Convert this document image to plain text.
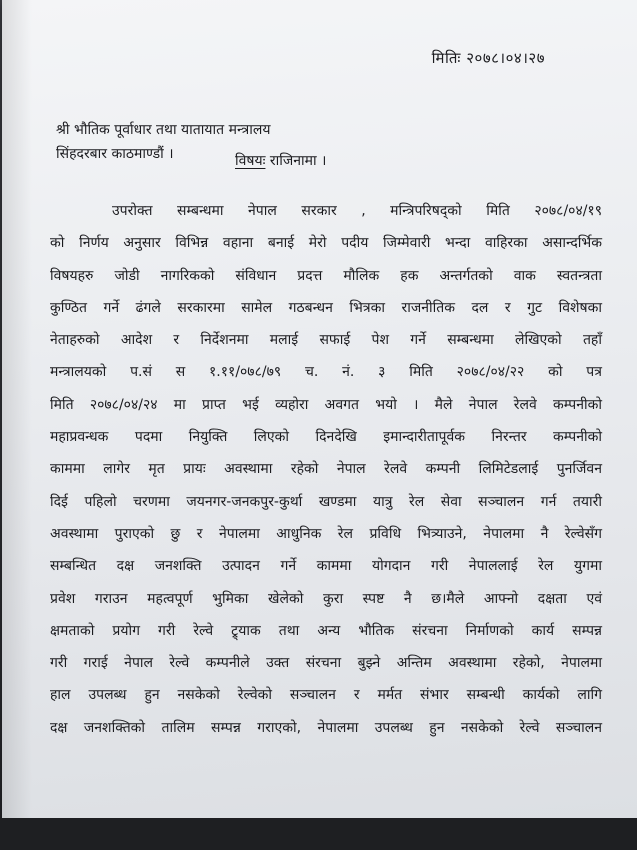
मितिः २०७८।०४।२७
श्री भौतिक पूर्वाधार तथा यातायात मन्त्रालय
सिंहदरबार काठमाण्डौं ।	विषयः राजिनामा ।
उपरोक्त सम्बन्धमा नेपाल सरकार , मन्त्रिपरिषद्को मिति २०७८/०४/१९
को निर्णय अनुसार विभिन्न वहाना बनाई मेरो पदीय जिम्मेवारी भन्दा वाहिरका असान्दर्भिक
विषयहरु जोडी नागरिकको संविधान प्रदत्त मौलिक हक अन्तर्गतको वाक स्वतन्त्रता
कुण्ठित गर्ने ढंगले सरकारमा सामेल गठबन्धन भित्रका राजनीतिक दल र गुट विशेषका
नेताहरुको आदेश र निर्देशनमा मलाई सफाई पेश गर्ने सम्बन्धमा लेखिएको तहाँ
मन्त्रालयको प.सं स १.११/०७८/७९ च. नं. ३ मिति २०७८/०४/२२ को पत्र
मिति २०७८/०४/२४ मा प्राप्त भई व्यहोरा अवगत भयो । मैले नेपाल रेलवे कम्पनीको
महाप्रवन्धक पदमा नियुक्ति लिएको दिनदेखि इमान्दारीतापूर्वक निरन्तर कम्पनीको
काममा लागेर मृत प्रायः अवस्थामा रहेको नेपाल रेलवे कम्पनी लिमिटेडलाई पुनर्जिवन
दिई पहिलो चरणमा जयनगर-जनकपुर-कुर्था खण्डमा यात्रु रेल सेवा सञ्चालन गर्न तयारी
अवस्थामा पुराएको छु र नेपालमा आधुनिक रेल प्रविधि भित्र्याउने, नेपालमा नै रेल्वेसँग
सम्बन्धित दक्ष जनशक्ति उत्पादन गर्ने काममा योगदान गरी नेपाललाई रेल युगमा
प्रवेश गराउन महत्वपूर्ण भुमिका खेलेको कुरा स्पष्ट नै छ।मैले आफ्नो दक्षता एवं
क्षमताको प्रयोग गरी रेल्वे ट्र्याक तथा अन्य भौतिक संरचना निर्माणको कार्य सम्पन्न
गरी गराई नेपाल रेल्वे कम्पनीले उक्त संरचना बुझ्ने अन्तिम अवस्थामा रहेको, नेपालमा
हाल उपलब्ध हुन नसकेको रेल्वेको सञ्चालन र मर्मत संभार सम्बन्धी कार्यको लागि
दक्ष जनशक्तिको तालिम सम्पन्न गराएको, नेपालमा उपलब्ध हुन नसकेको रेल्वे सञ्चालन
